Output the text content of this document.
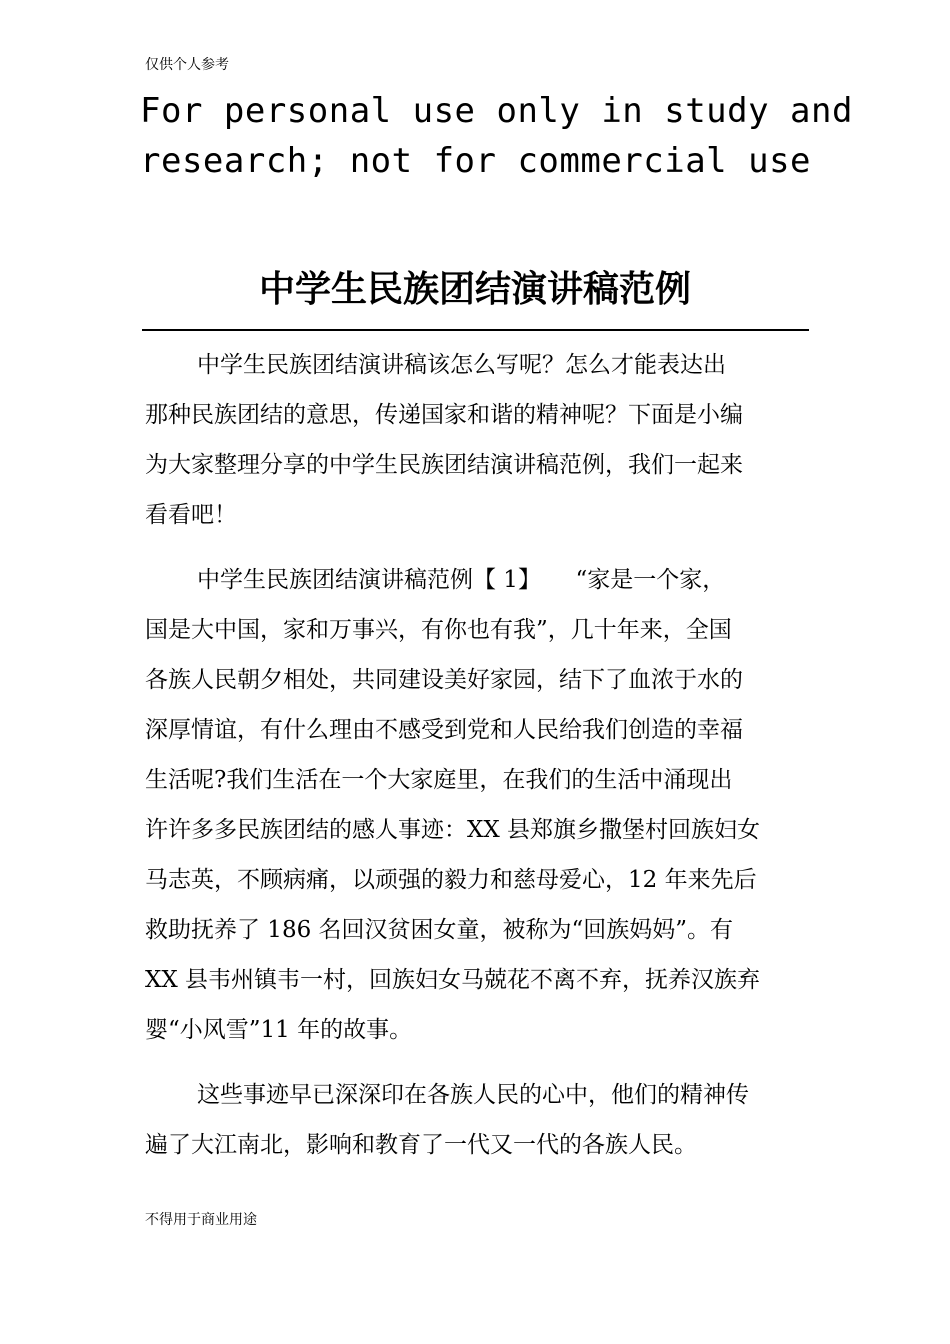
仅供个人参考
For personal use only in study and
research; not for commercial use
中学生民族团结演讲稿范例
中学生民族团结演讲稿该怎么写呢？怎么才能表达出
那种民族团结的意思，传递国家和谐的精神呢？下面是小编
为大家整理分享的中学生民族团结演讲稿范例，我们一起来
看看吧！
中学生民族团结演讲稿范例【 1】　　“家是一个家，
国是大中国，家和万事兴，有你也有我”，几十年来，全国
各族人民朝夕相处，共同建设美好家园，结下了血浓于水的
深厚情谊，有什么理由不感受到党和人民给我们创造的幸福
生活呢?我们生活在一个大家庭里，在我们的生活中涌现出
许许多多民族团结的感人事迹：XX 县郑旗乡撒堡村回族妇女
马志英，不顾病痛，以顽强的毅力和慈母爱心，12 年来先后
救助抚养了 186 名回汉贫困女童，被称为“回族妈妈”。有
XX 县韦州镇韦一村，回族妇女马兢花不离不弃，抚养汉族弃
婴“小风雪”11 年的故事。
这些事迹早已深深印在各族人民的心中，他们的精神传
遍了大江南北，影响和教育了一代又一代的各族人民。
不得用于商业用途
